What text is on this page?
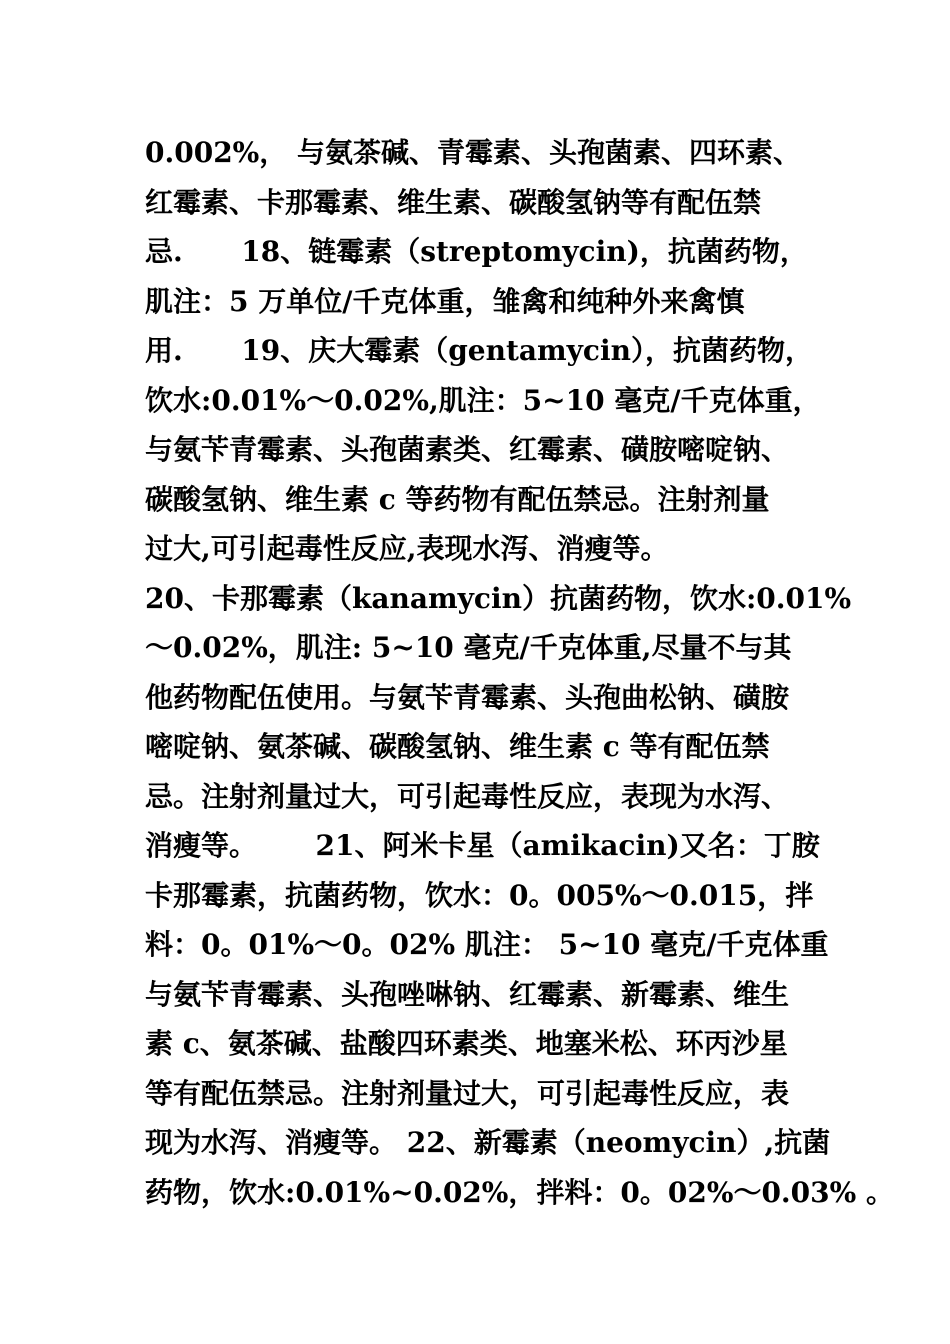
0.002%， 与氨茶碱、青霉素、头孢菌素、四环素、
红霉素、卡那霉素、维生素、碳酸氢钠等有配伍禁
忌.      18、链霉素（streptomycin)，抗菌药物，
肌注：5 万单位/千克体重，雏禽和纯种外来禽慎
用.      19、庆大霉素（gentamycin），抗菌药物，
饮水:0.01%～0.02%,肌注：5~10 毫克/千克体重，
与氨苄青霉素、头孢菌素类、红霉素、磺胺嘧啶钠、
碳酸氢钠、维生素 c 等药物有配伍禁忌。注射剂量
过大,可引起毒性反应,表现水泻、消瘦等。
20、卡那霉素（kanamycin）抗菌药物，饮水:0.01%
～0.02%，肌注: 5~10 毫克/千克体重,尽量不与其
他药物配伍使用。与氨苄青霉素、头孢曲松钠、磺胺
嘧啶钠、氨茶碱、碳酸氢钠、维生素 c 等有配伍禁
忌。注射剂量过大，可引起毒性反应，表现为水泻、
消瘦等。      21、阿米卡星（amikacin)又名：丁胺
卡那霉素，抗菌药物，饮水：0。005%～0.015，拌
料：0。01%～0。02% 肌注： 5~10 毫克/千克体重
与氨苄青霉素、头孢唑啉钠、红霉素、新霉素、维生
素 c、氨茶碱、盐酸四环素类、地塞米松、环丙沙星
等有配伍禁忌。注射剂量过大，可引起毒性反应，表
现为水泻、消瘦等。 22、新霉素（neomycin）,抗菌
药物，饮水:0.01%~0.02%，拌料：0。02%～0.03% 。
